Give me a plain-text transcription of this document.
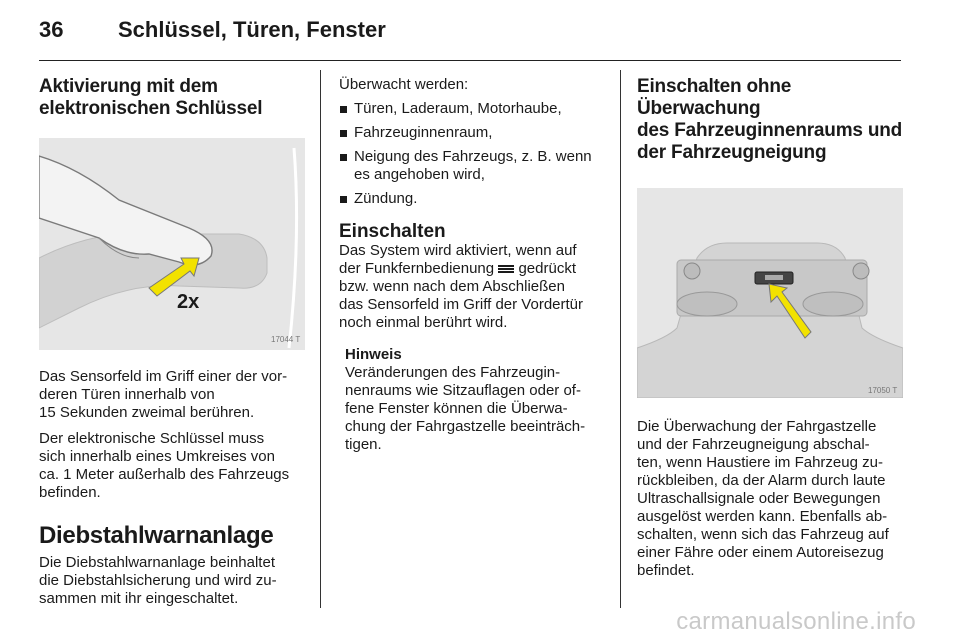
36 Schlüssel, Türen, Fenster
Aktivierung mit dem
elektronischen Schlüssel
17044 T
2x

Das Sensorfeld im Griff einer der vor-
deren Türen innerhalb von
15 Sekunden zweimal berühren.

Der elektronische Schlüssel muss
sich innerhalb eines Umkreises von
ca. 1 Meter außerhalb des Fahrzeugs
befinden.

Diebstahlwarnanlage

Die Diebstahlwarnanlage beinhaltet
die Diebstahlsicherung und wird zu-
sammen mit ihr eingeschaltet.

Überwacht werden:

Türen, Laderaum, Motorhaube,
Fahrzeuginnenraum,
Neigung des Fahrzeugs, z. B. wenn
es angehoben wird,
Zündung.
Einschalten

Das System wird aktiviert, wenn auf
der Funkfernbedienung  gedrückt
bzw. wenn nach dem Abschließen
das Sensorfeld im Griff der Vordertür
noch einmal berührt wird.

Hinweis

Veränderungen des Fahrzeugin-
nenraums wie Sitzauflagen oder of-
fene Fenster können die Überwa-
chung der Fahrgastzelle beeinträch-
tigen.

Einschalten ohne Überwachung
des Fahrzeuginnenraums und
der Fahrzeugneigung
17050 T

Die Überwachung der Fahrgastzelle
und der Fahrzeugneigung abschal-
ten, wenn Haustiere im Fahrzeug zu-
rückbleiben, da der Alarm durch laute
Ultraschallsignale oder Bewegungen
ausgelöst werden kann. Ebenfalls ab-
schalten, wenn sich das Fahrzeug auf
einer Fähre oder einem Autoreisezug
befindet.

carmanualsonline.info
